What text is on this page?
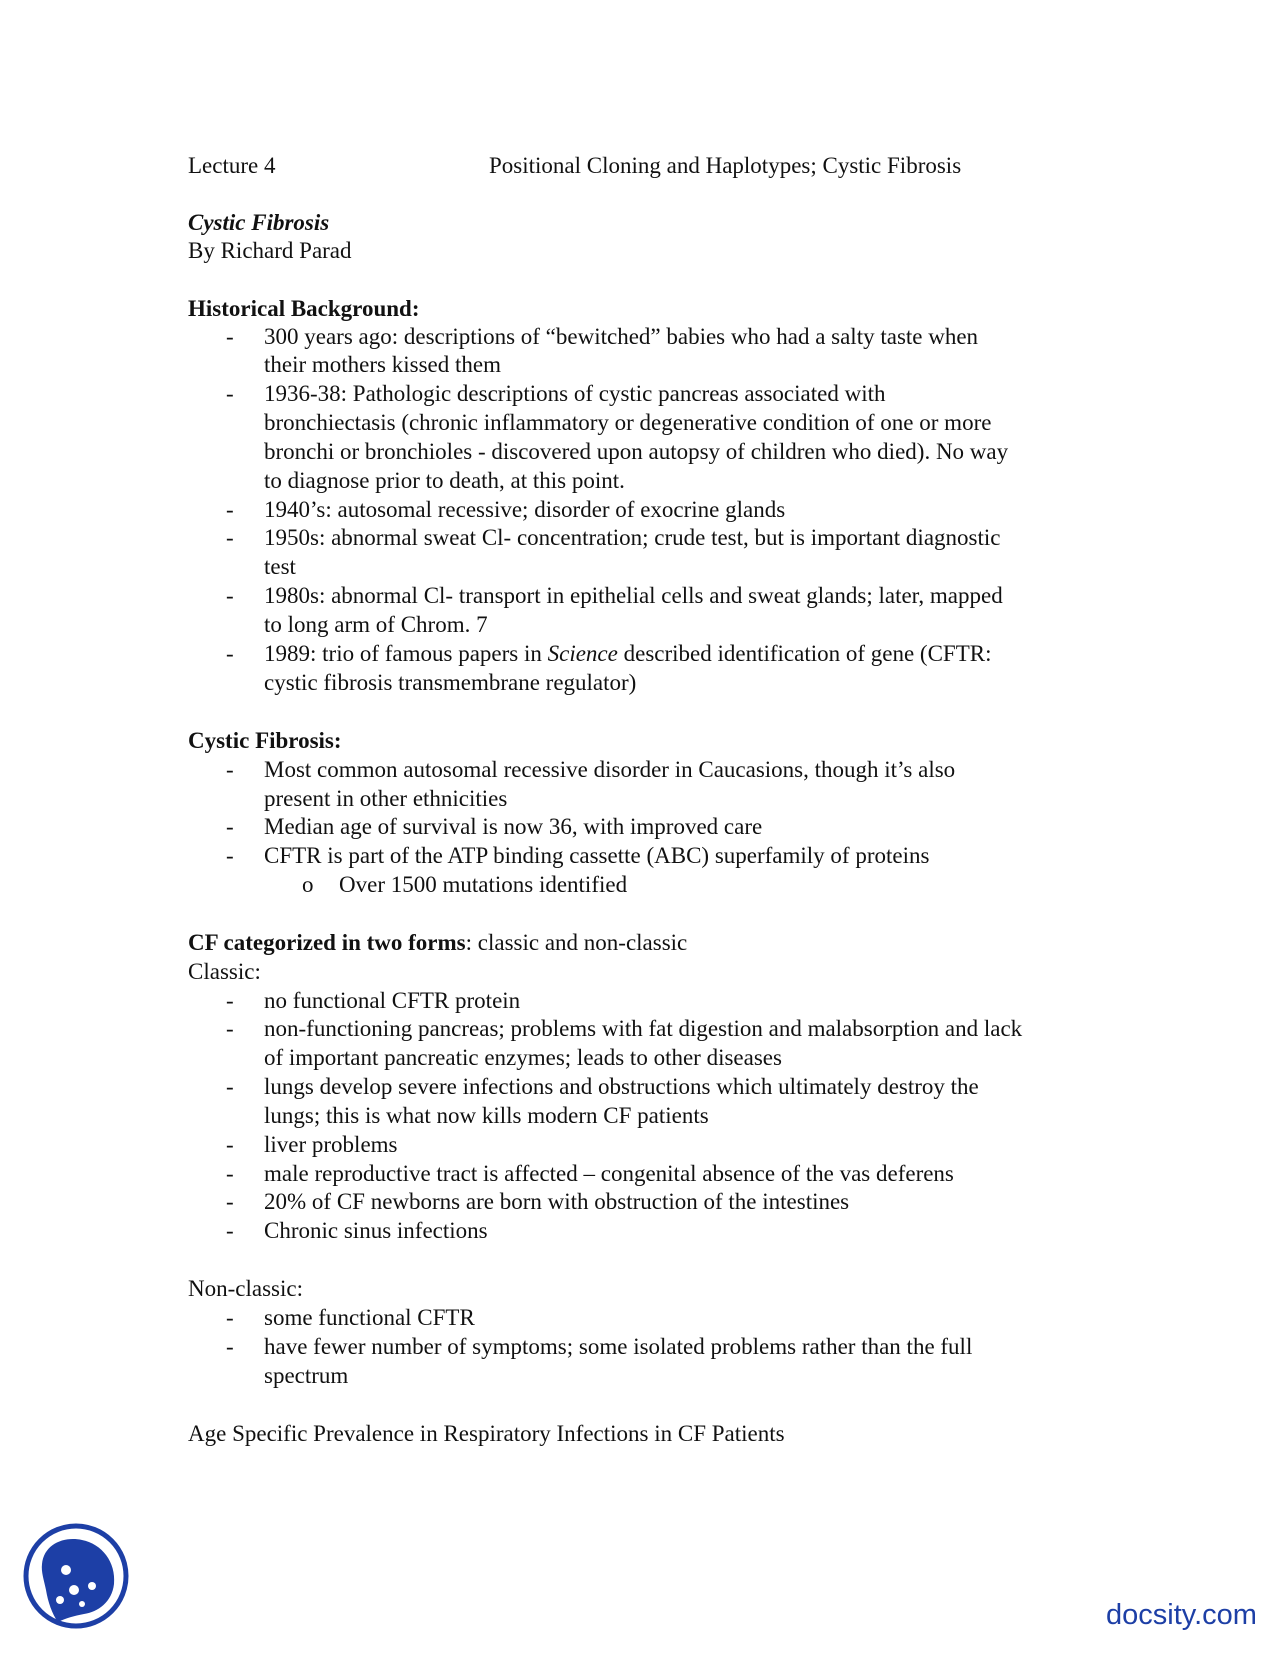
Lecture 4	Positional Cloning and Haplotypes; Cystic Fibrosis
Cystic Fibrosis
By Richard Parad
Historical Background:
- 300 years ago: descriptions of “bewitched” babies who had a salty taste when
their mothers kissed them
- 1936-38: Pathologic descriptions of cystic pancreas associated with
bronchiectasis (chronic inflammatory or degenerative condition of one or more
bronchi or bronchioles - discovered upon autopsy of children who died). No way
to diagnose prior to death, at this point.
- 1940’s: autosomal recessive; disorder of exocrine glands
- 1950s: abnormal sweat Cl- concentration; crude test, but is important diagnostic
test
- 1980s: abnormal Cl- transport in epithelial cells and sweat glands; later, mapped
to long arm of Chrom. 7
- 1989: trio of famous papers in Science described identification of gene (CFTR:
cystic fibrosis transmembrane regulator)
Cystic Fibrosis:
- Most common autosomal recessive disorder in Caucasions, though it’s also
present in other ethnicities
- Median age of survival is now 36, with improved care
- CFTR is part of the ATP binding cassette (ABC) superfamily of proteins
o Over 1500 mutations identified
CF categorized in two forms: classic and non-classic
Classic:
- no functional CFTR protein
- non-functioning pancreas; problems with fat digestion and malabsorption and lack
of important pancreatic enzymes; leads to other diseases
- lungs develop severe infections and obstructions which ultimately destroy the
lungs; this is what now kills modern CF patients
- liver problems
- male reproductive tract is affected – congenital absence of the vas deferens
- 20% of CF newborns are born with obstruction of the intestines
- Chronic sinus infections
Non-classic:
- some functional CFTR
- have fewer number of symptoms; some isolated problems rather than the full
spectrum
Age Specific Prevalence in Respiratory Infections in CF Patients
docsity.com
